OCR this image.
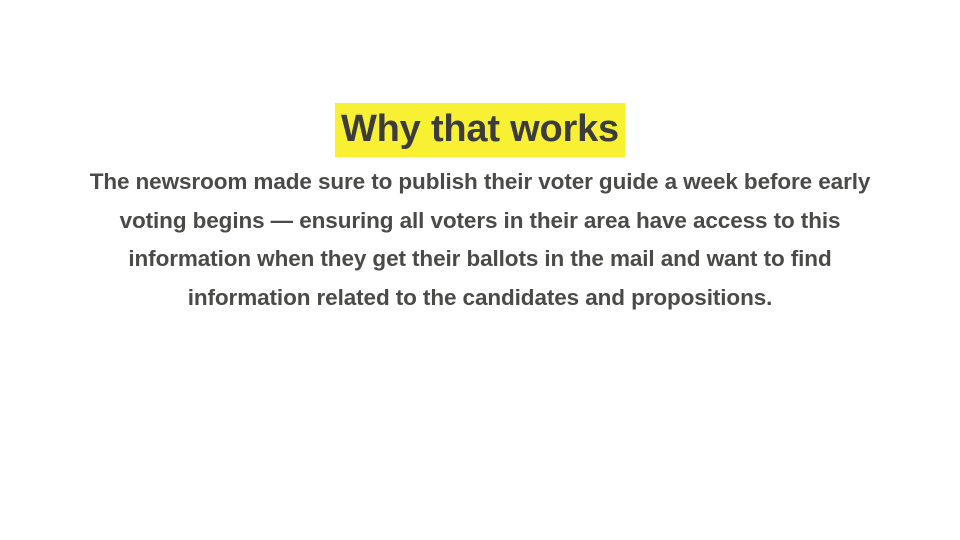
Why that works

The newsroom made sure to publish their voter guide a week before early voting begins — ensuring all voters in their area have access to this information when they get their ballots in the mail and want to find information related to the candidates and propositions.
